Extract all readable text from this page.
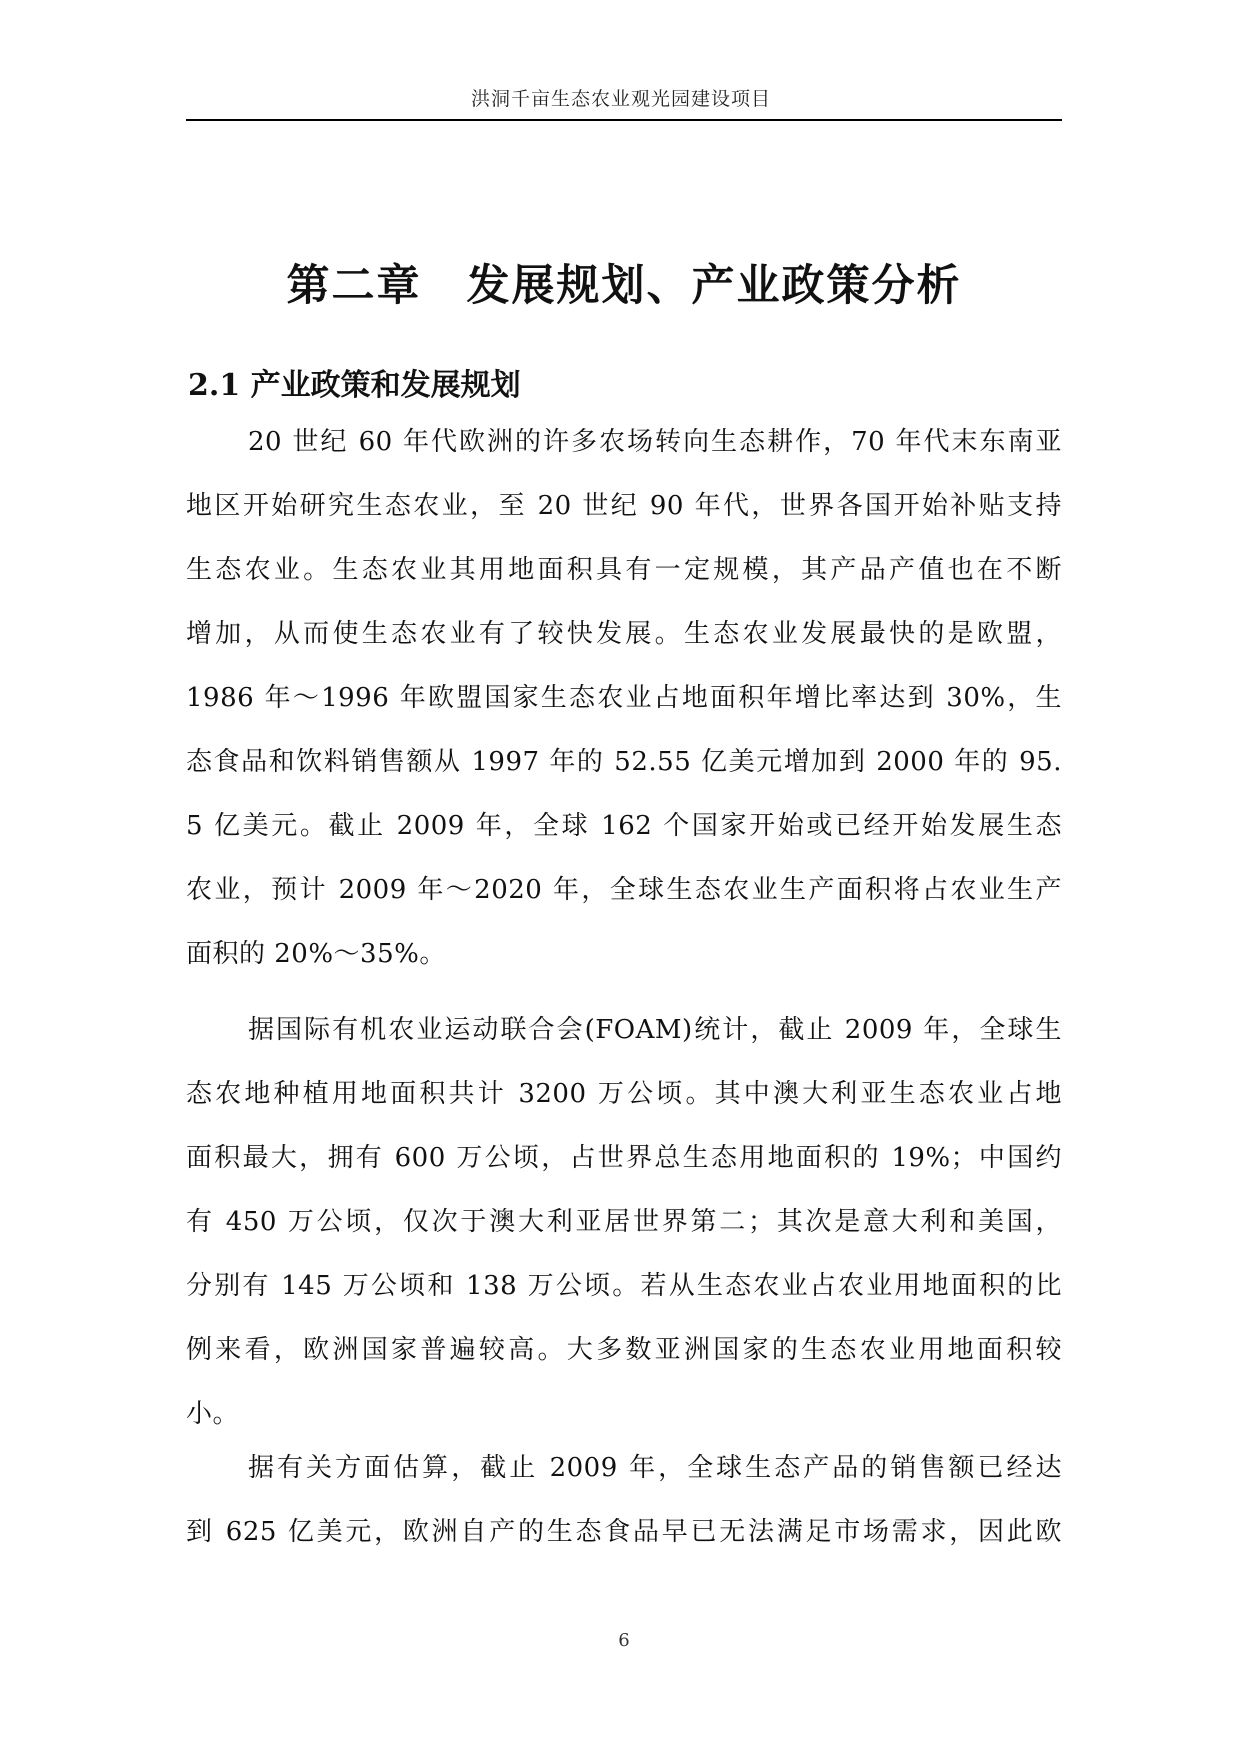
洪洞千亩生态农业观光园建设项目
第二章　发展规划、产业政策分析
2.1 产业政策和发展规划

20 世纪 60 年代欧洲的许多农场转向生态耕作，70 年代末东南亚
地区开始研究生态农业，至 20 世纪 90 年代，世界各国开始补贴支持
生态农业。生态农业其用地面积具有一定规模，其产品产值也在不断
增加，从而使生态农业有了较快发展。生态农业发展最快的是欧盟，
1986 年～1996 年欧盟国家生态农业占地面积年增比率达到 30%，生
态食品和饮料销售额从 1997 年的 52.55 亿美元增加到 2000 年的 95.
5 亿美元。截止 2009 年，全球 162 个国家开始或已经开始发展生态
农业，预计 2009 年～2020 年，全球生态农业生产面积将占农业生产
面积的 20%～35%。

据国际有机农业运动联合会(FOAM)统计，截止 2009 年，全球生
态农地种植用地面积共计 3200 万公顷。其中澳大利亚生态农业占地
面积最大，拥有 600 万公顷，占世界总生态用地面积的 19%；中国约
有 450 万公顷，仅次于澳大利亚居世界第二；其次是意大利和美国，
分别有 145 万公顷和 138 万公顷。若从生态农业占农业用地面积的比
例来看，欧洲国家普遍较高。大多数亚洲国家的生态农业用地面积较
小。

据有关方面估算，截止 2009 年，全球生态产品的销售额已经达
到 625 亿美元，欧洲自产的生态食品早已无法满足市场需求，因此欧

6
